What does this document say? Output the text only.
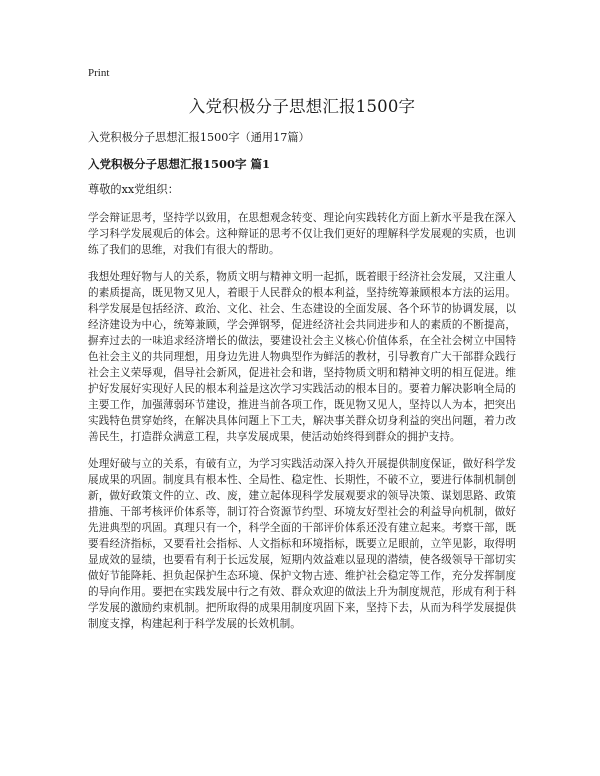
Print
入党积极分子思想汇报1500字
入党积极分子思想汇报1500字（通用17篇）
入党积极分子思想汇报1500字 篇1
尊敬的xx党组织：

学会辩证思考，坚持学以致用，在思想观念转变、理论向实践转化方面上新水平是我在深入学习科学发展观后的体会。这种辩证的思考不仅让我们更好的理解科学发展观的实质，也训练了我们的思维，对我们有很大的帮助。

我想处理好物与人的关系，物质文明与精神文明一起抓，既着眼于经济社会发展，又注重人的素质提高，既见物又见人，着眼于人民群众的根本利益，坚持统筹兼顾根本方法的运用。科学发展是包括经济、政治、文化、社会、生态建设的全面发展、各个环节的协调发展，以经济建设为中心，统筹兼顾，学会弹钢琴，促进经济社会共同进步和人的素质的不断提高，摒弃过去的一味追求经济增长的做法，要建设社会主义核心价值体系，在全社会树立中国特色社会主义的共同理想，用身边先进人物典型作为鲜活的教材，引导教育广大干部群众践行社会主义荣辱观，倡导社会新风，促进社会和谐，坚持物质文明和精神文明的相互促进。维护好发展好实现好人民的根本利益是这次学习实践活动的根本目的。要着力解决影响全局的主要工作，加强薄弱环节建设，推进当前各项工作，既见物又见人，坚持以人为本，把突出实践特色贯穿始终，在解决具体问题上下工夫，解决事关群众切身利益的突出问题，着力改善民生，打造群众满意工程，共享发展成果，使活动始终得到群众的拥护支持。

处理好破与立的关系，有破有立，为学习实践活动深入持久开展提供制度保证，做好科学发展成果的巩固。制度具有根本性、全局性、稳定性、长期性，不破不立，要进行体制机制创新，做好政策文件的立、改、废，建立起体现科学发展观要求的领导决策、谋划思路、政策措施、干部考核评价体系等，制订符合资源节约型、环境友好型社会的利益导向机制，做好先进典型的巩固。真理只有一个，科学全面的干部评价体系还没有建立起来。考察干部，既要看经济指标，又要看社会指标、人文指标和环境指标，既要立足眼前，立竿见影，取得明显成效的显绩，也要看有利于长远发展，短期内效益难以显现的潜绩，使各级领导干部切实做好节能降耗、担负起保护生态环境、保护文物古迹、维护社会稳定等工作，充分发挥制度的导向作用。要把在实践发展中行之有效、群众欢迎的做法上升为制度规范，形成有利于科学发展的激励约束机制。把所取得的成果用制度巩固下来，坚持下去，从而为科学发展提供制度支撑，构建起利于科学发展的长效机制。
